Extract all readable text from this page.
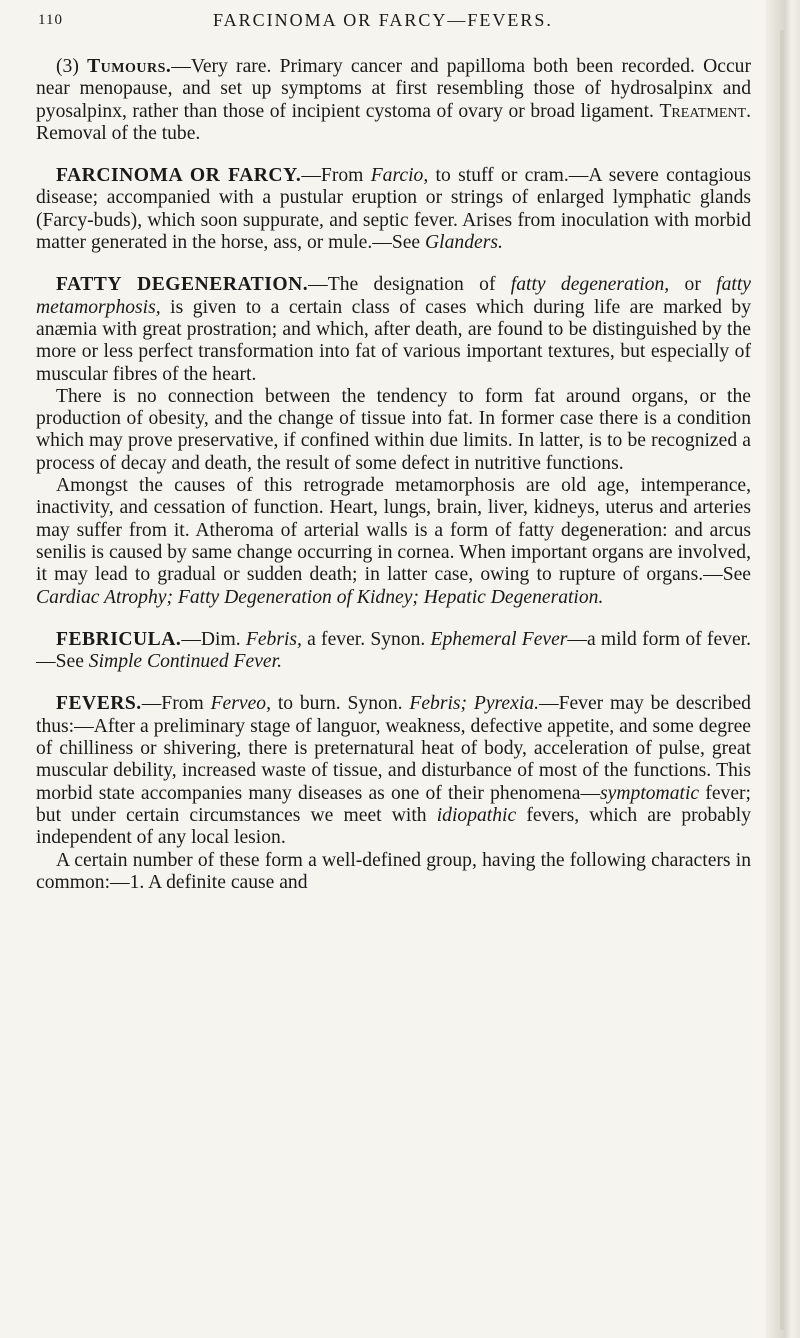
110	FARCINOMA OR FARCY—FEVERS.

(3) Tumours.—Very rare. Primary cancer and papilloma both been recorded. Occur near menopause, and set up symptoms at first resembling those of hydrosalpinx and pyosalpinx, rather than those of incipient cystoma of ovary or broad ligament. Treatment. Removal of the tube.

FARCINOMA OR FARCY.—From Farcio, to stuff or cram.—A severe contagious disease; accompanied with a pustular eruption or strings of enlarged lymphatic glands (Farcy-buds), which soon suppurate, and septic fever. Arises from inoculation with morbid matter generated in the horse, ass, or mule.—See Glanders.

FATTY DEGENERATION.—The designation of fatty degeneration, or fatty metamorphosis, is given to a certain class of cases which during life are marked by anæmia with great prostration; and which, after death, are found to be distinguished by the more or less perfect transformation into fat of various important textures, but especially of muscular fibres of the heart.

There is no connection between the tendency to form fat around organs, or the production of obesity, and the change of tissue into fat. In former case there is a condition which may prove preservative, if confined within due limits. In latter, is to be recognized a process of decay and death, the result of some defect in nutritive functions.

Amongst the causes of this retrograde metamorphosis are old age, intemperance, inactivity, and cessation of function. Heart, lungs, brain, liver, kidneys, uterus and arteries may suffer from it. Atheroma of arterial walls is a form of fatty degeneration: and arcus senilis is caused by same change occurring in cornea. When important organs are involved, it may lead to gradual or sudden death; in latter case, owing to rupture of organs.—See Cardiac Atrophy; Fatty Degeneration of Kidney; Hepatic Degeneration.

FEBRICULA.—Dim. Febris, a fever. Synon. Ephemeral Fever—a mild form of fever.—See Simple Continued Fever.

FEVERS.—From Ferveo, to burn. Synon. Febris; Pyrexia.—Fever may be described thus:—After a preliminary stage of languor, weakness, defective appetite, and some degree of chilliness or shivering, there is preternatural heat of body, acceleration of pulse, great muscular debility, increased waste of tissue, and disturbance of most of the functions. This morbid state accompanies many diseases as one of their phenomena—symptomatic fever; but under certain circumstances we meet with idiopathic fevers, which are probably independent of any local lesion.

A certain number of these form a well-defined group, having the following characters in common:—1. A definite cause and
